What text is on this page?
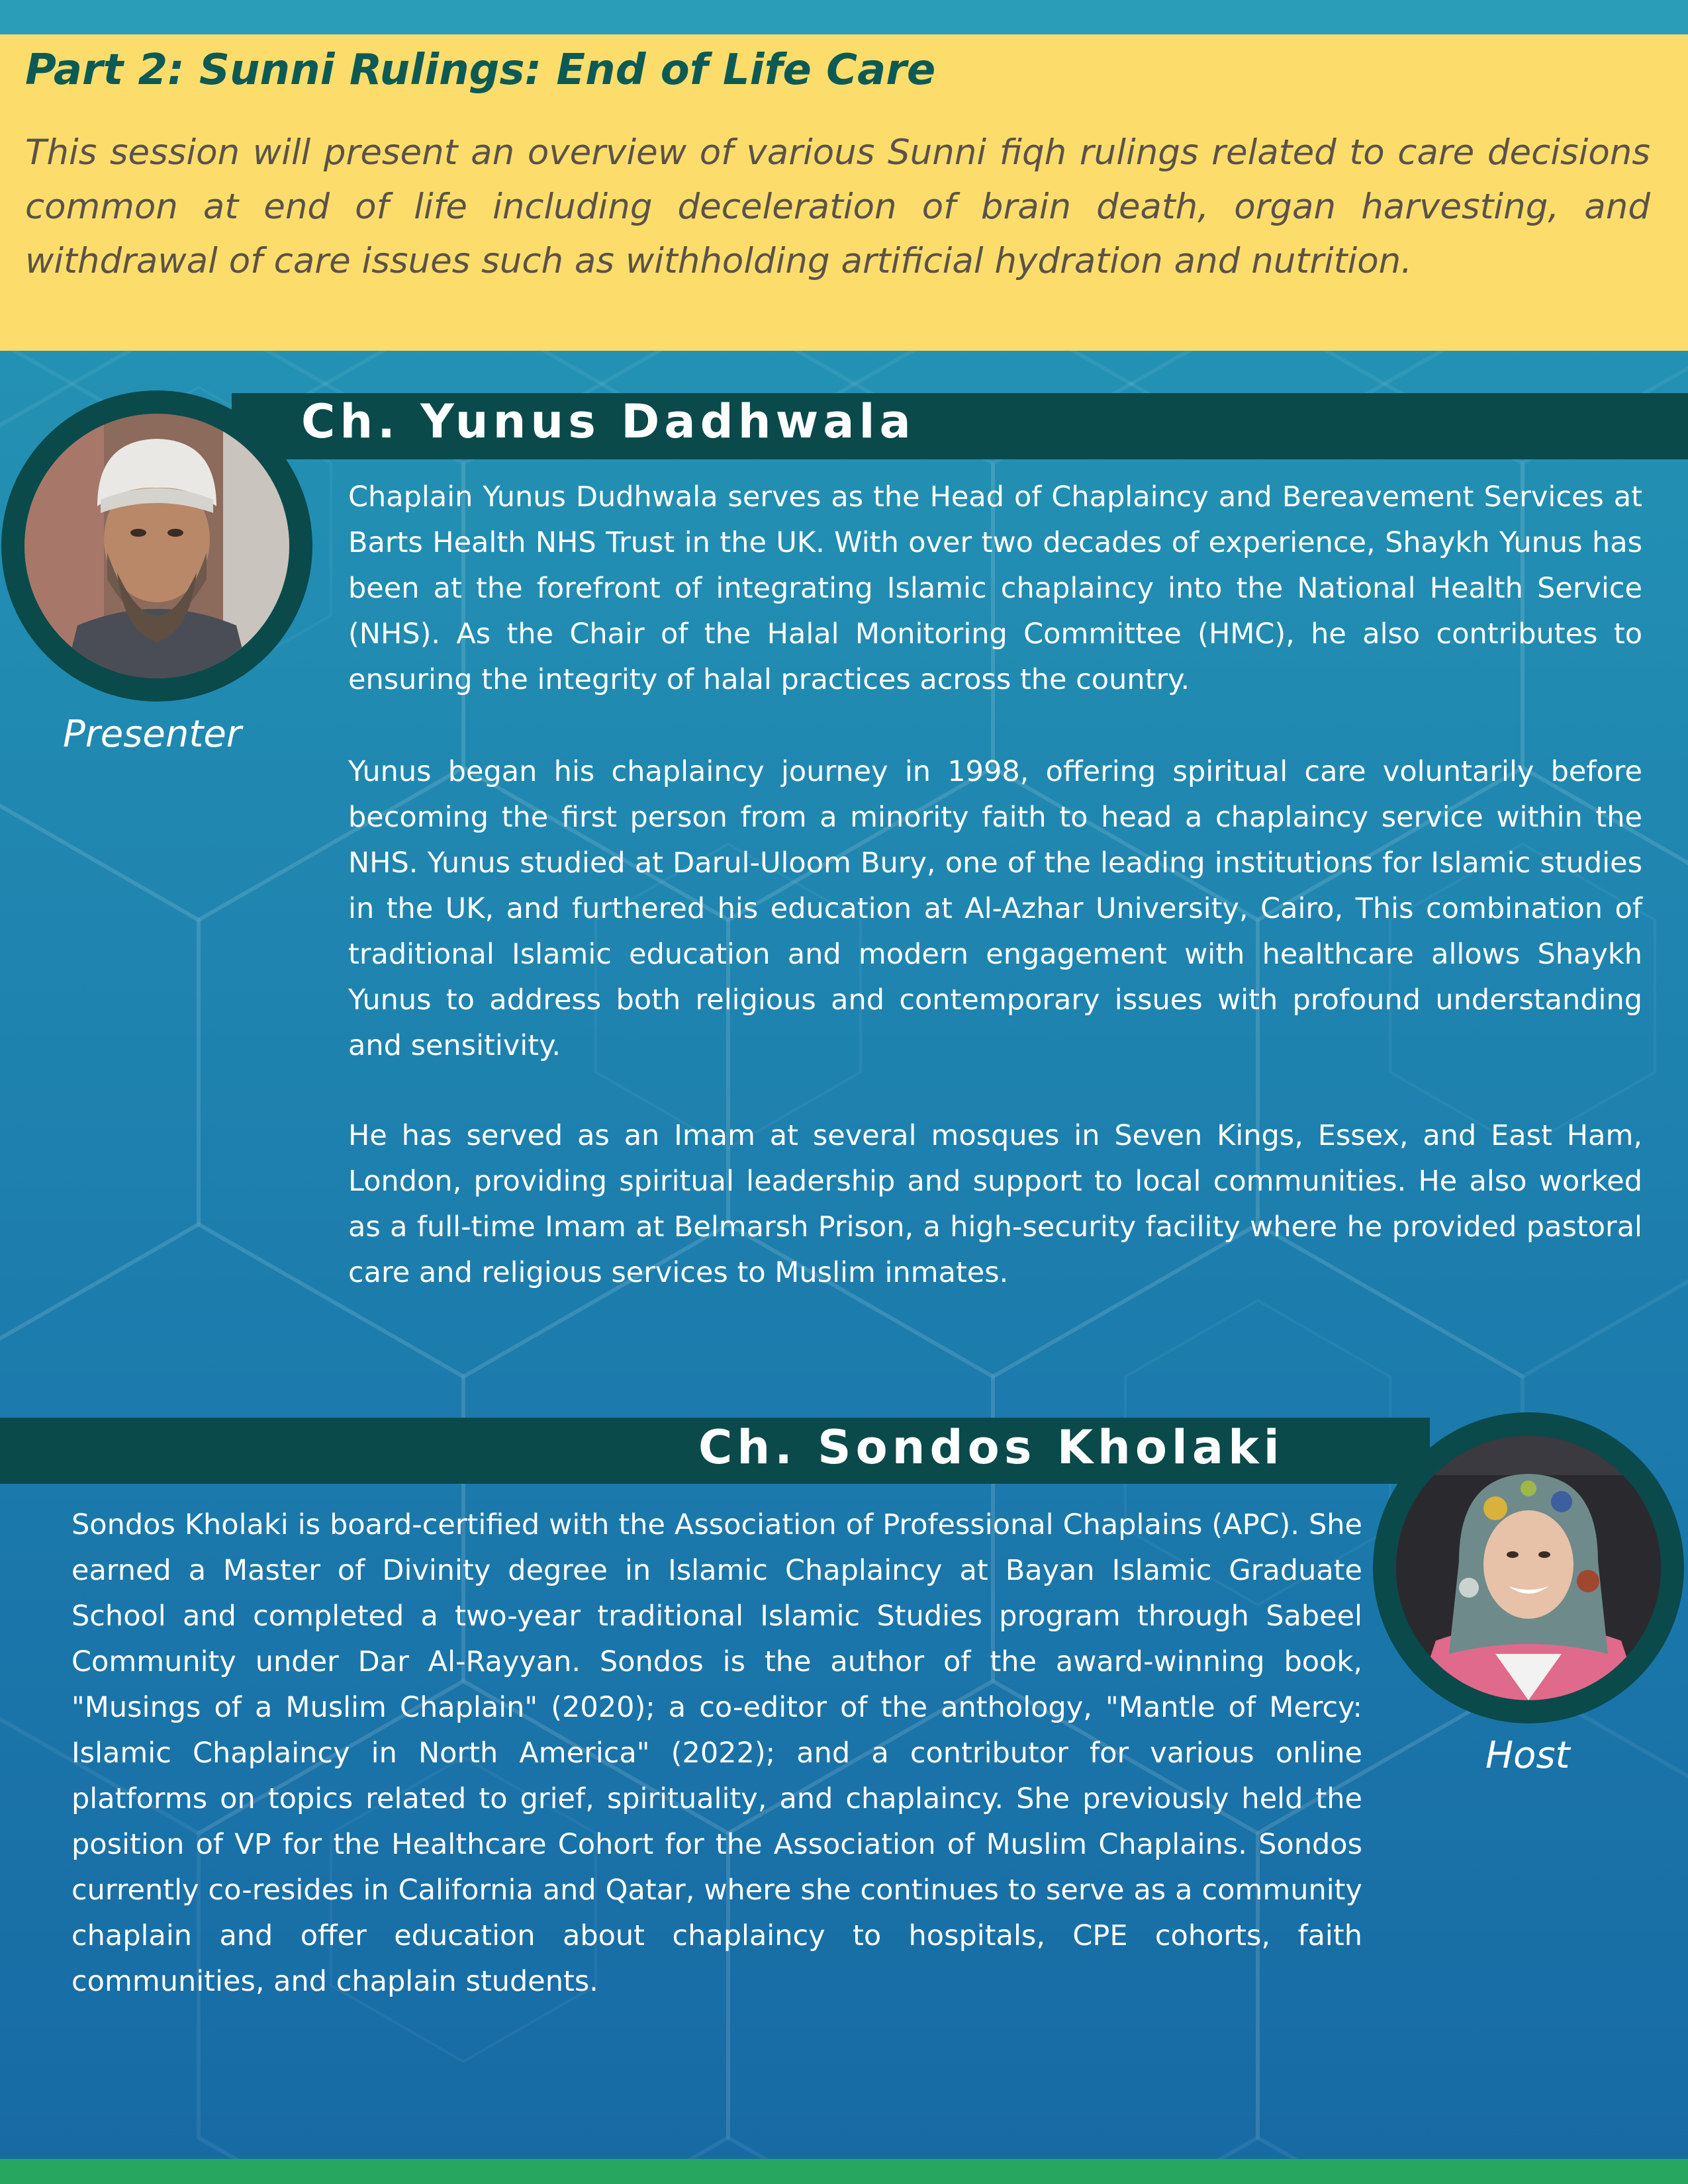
Part 2: Sunni Rulings: End of Life Care

This session will present an overview of various Sunni fiqh rulings related to care decisions common at end of life including deceleration of brain death, organ harvesting, and withdrawal of care issues such as withholding artificial hydration and nutrition.

Ch. Yunus Dadhwala
Presenter

Chaplain Yunus Dudhwala serves as the Head of Chaplaincy and Bereavement Services at Barts Health NHS Trust in the UK. With over two decades of experience, Shaykh Yunus has been at the forefront of integrating Islamic chaplaincy into the National Health Service (NHS). As the Chair of the Halal Monitoring Committee (HMC), he also contributes to ensuring the integrity of halal practices across the country.

Yunus began his chaplaincy journey in 1998, offering spiritual care voluntarily before becoming the first person from a minority faith to head a chaplaincy service within the NHS. Yunus studied at Darul-Uloom Bury, one of the leading institutions for Islamic studies in the UK, and furthered his education at Al-Azhar University, Cairo, This combination of traditional Islamic education and modern engagement with healthcare allows Shaykh Yunus to address both religious and contemporary issues with profound understanding and sensitivity.

He has served as an Imam at several mosques in Seven Kings, Essex, and East Ham, London, providing spiritual leadership and support to local communities. He also worked as a full-time Imam at Belmarsh Prison, a high-security facility where he provided pastoral care and religious services to Muslim inmates.

Ch. Sondos Kholaki
Host

Sondos Kholaki is board-certified with the Association of Professional Chaplains (APC). She earned a Master of Divinity degree in Islamic Chaplaincy at Bayan Islamic Graduate School and completed a two-year traditional Islamic Studies program through Sabeel Community under Dar Al-Rayyan. Sondos is the author of the award-winning book, "Musings of a Muslim Chaplain" (2020); a co-editor of the anthology, "Mantle of Mercy: Islamic Chaplaincy in North America" (2022); and a contributor for various online platforms on topics related to grief, spirituality, and chaplaincy. She previously held the position of VP for the Healthcare Cohort for the Association of Muslim Chaplains. Sondos currently co-resides in California and Qatar, where she continues to serve as a community chaplain and offer education about chaplaincy to hospitals, CPE cohorts, faith communities, and chaplain students.
